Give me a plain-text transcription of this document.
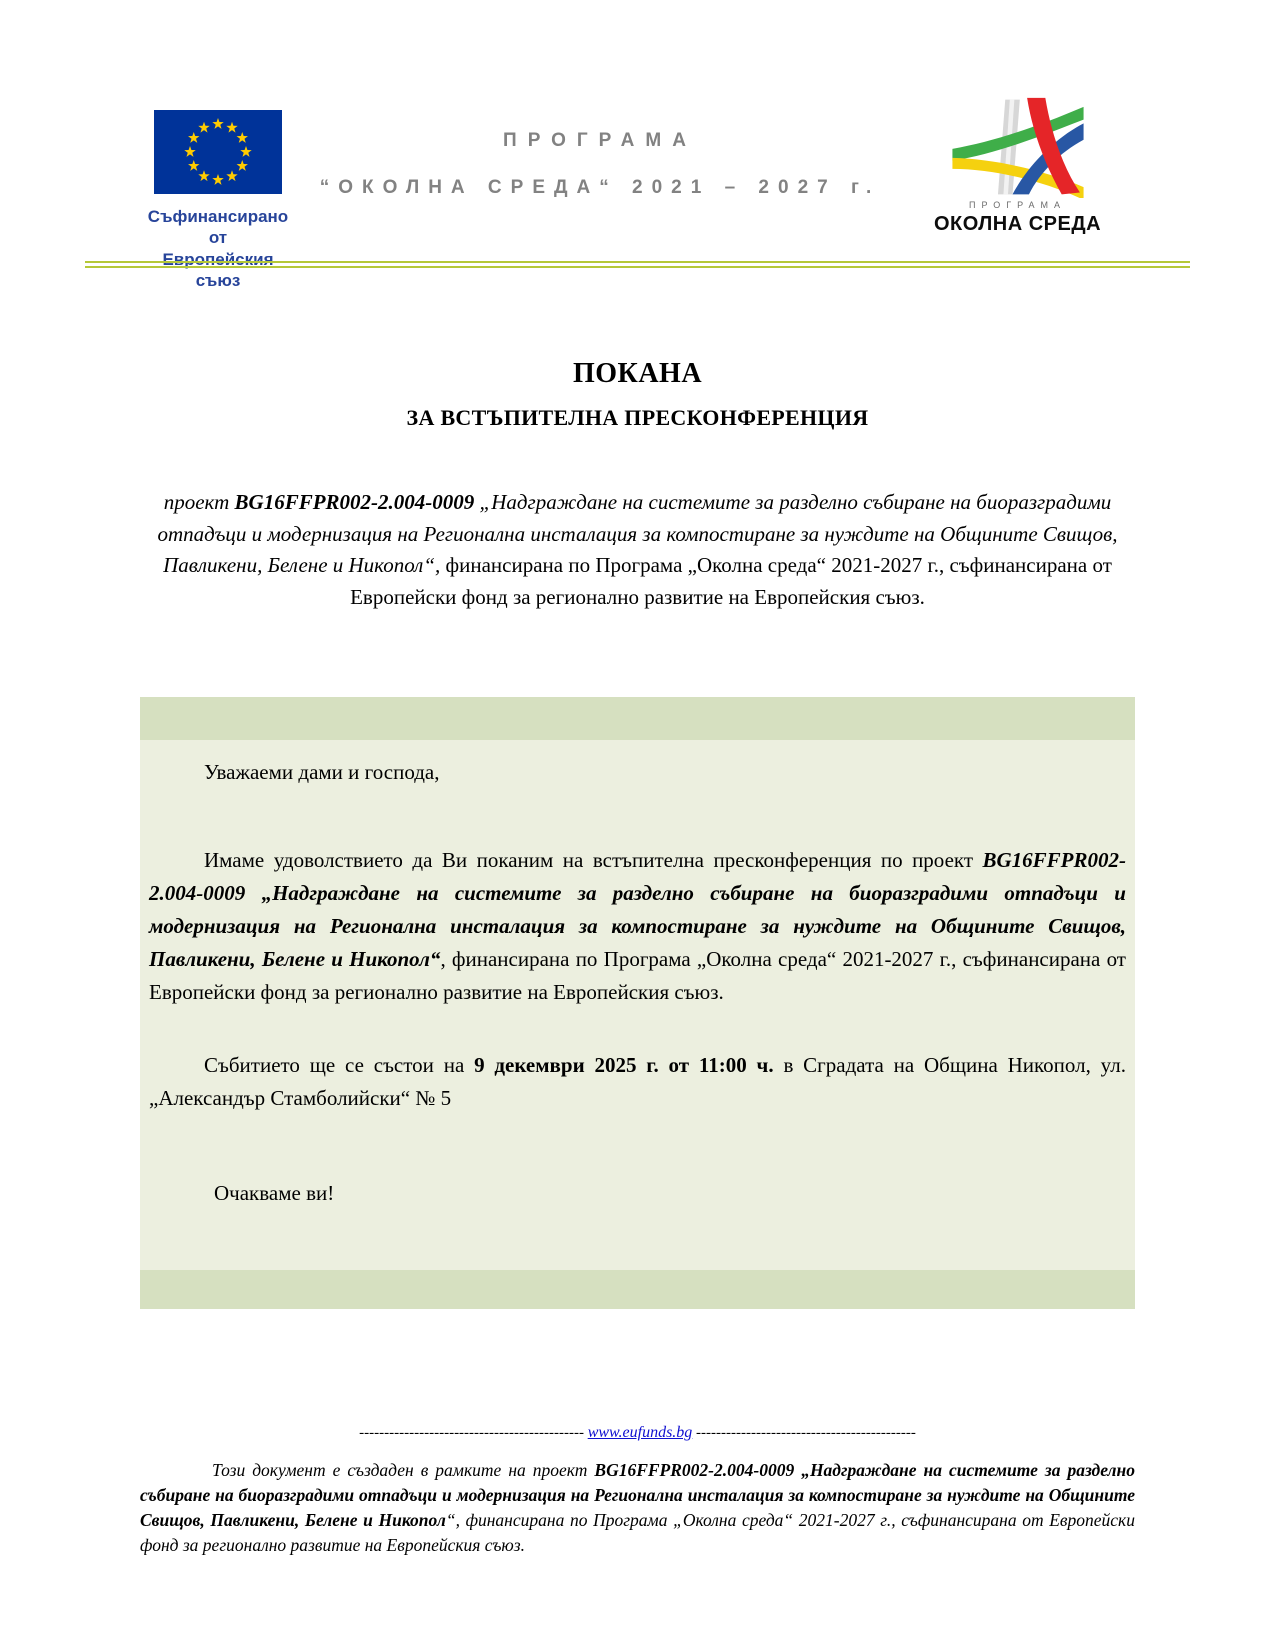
Съфинансирано от
Европейския съюз
ПРОГРАМА
“ОКОЛНА СРЕДА“ 2021 – 2027 г.
ПРОГРАМА
ОКОЛНА СРЕДА
ПОКАНА
ЗА ВСТЪПИТЕЛНА ПРЕСКОНФЕРЕНЦИЯ
проект BG16FFPR002-2.004-0009 „Надграждане на системите за разделно събиране на биоразградими отпадъци и модернизация на Регионална инсталация за компостиране за нуждите на Общините Свищов, Павликени, Белене и Никопол“, финансирана по Програма „Околна среда“ 2021-2027 г., съфинансирана от Европейски фонд за регионално развитие на Европейския съюз.

Уважаеми дами и господа,

Имаме удоволствието да Ви поканим на встъпителна пресконференция по проект BG16FFPR002-2.004-0009 „Надграждане на системите за разделно събиране на биоразградими отпадъци и модернизация на Регионална инсталация за компостиране за нуждите на Общините Свищов, Павликени, Белене и Никопол“, финансирана по Програма „Околна среда“ 2021-2027 г., съфинансирана от Европейски фонд за регионално развитие на Европейския съюз.

Събитието ще се състои на 9 декември 2025 г. от 11:00 ч. в Сградата на Община Никопол, ул. „Александър Стамболийски“ № 5

Очакваме ви!

--------------------------------------------- www.eufunds.bg --------------------------------------------
Този документ е създаден в рамките на проект BG16FFPR002-2.004-0009 „Надграждане на системите за разделно събиране на биоразградими отпадъци и модернизация на Регионална инсталация за компостиране за нуждите на Общините Свищов, Павликени, Белене и Никопол“, финансирана по Програма „Околна среда“ 2021-2027 г., съфинансирана от Европейски фонд за регионално развитие на Европейския съюз.
